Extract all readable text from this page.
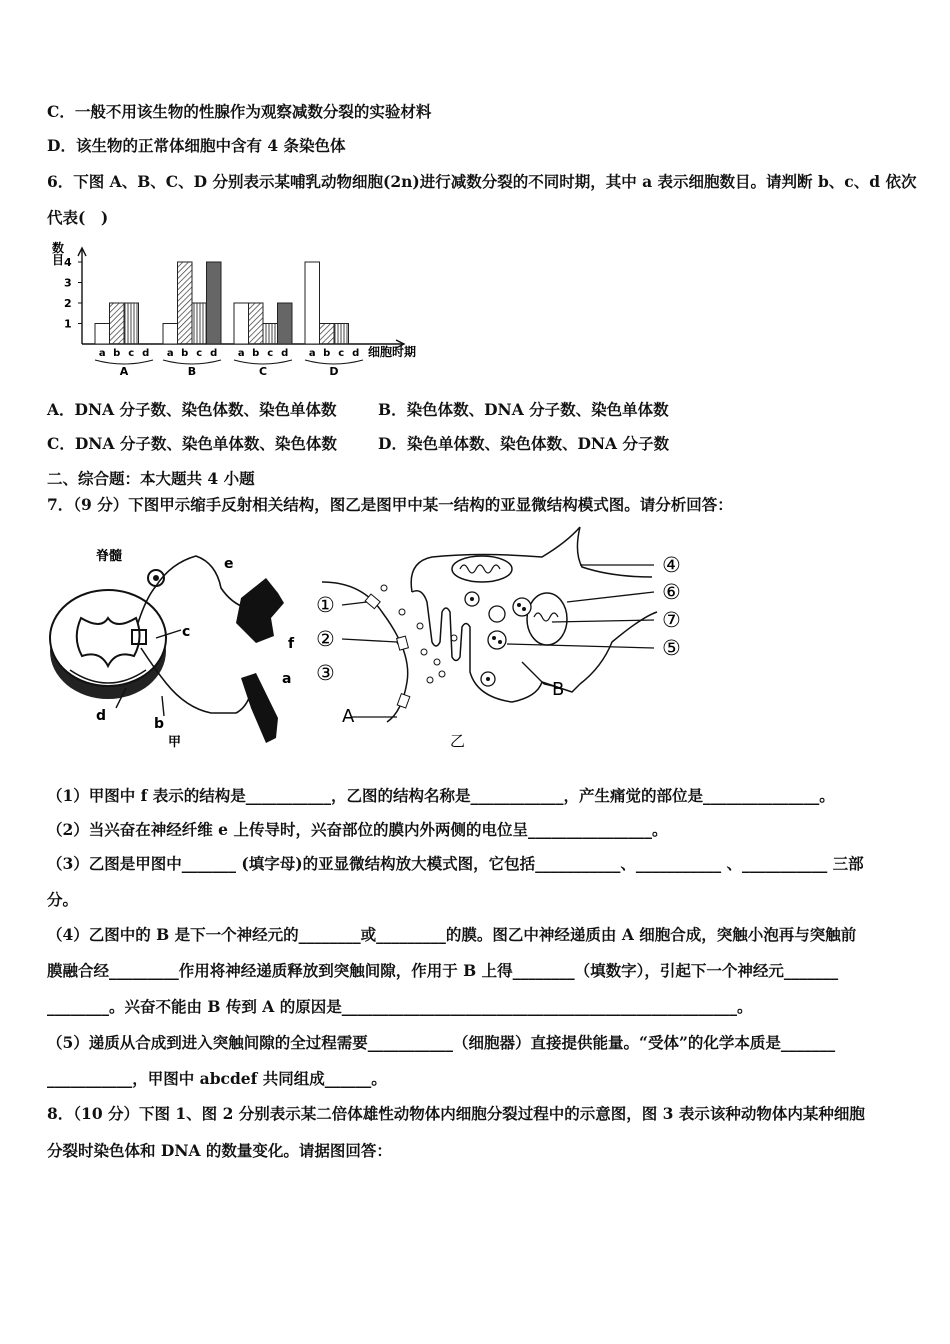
C．一般不用该生物的性腺作为观察减数分裂的实验材料
D．该生物的正常体细胞中含有 4 条染色体
6．下图 A、B、C、D 分别表示某哺乳动物细胞(2n)进行减数分裂的不同时期，其中 a 表示细胞数目。请判断 b、c、d 依次
代表(　)
数
目
1
2
3
4
a b c d
A
a b c d
B
a b c d
C
a b c d
D
细胞时期
A．DNA 分子数、染色体数、染色单体数	B．染色体数、DNA 分子数、染色单体数
C．DNA 分子数、染色单体数、染色体数	D．染色单体数、染色体数、DNA 分子数
二、综合题：本大题共 4 小题
7．（9 分）下图甲示缩手反射相关结构，图乙是图甲中某一结构的亚显微结构模式图。请分析回答：
脊髓	e
c
f
a
d	b
甲
①
②
③
④
⑥
⑦
⑤
A
B
乙
（1）甲图中 f 表示的结构是___________，乙图的结构名称是____________，产生痛觉的部位是_______________。
（2）当兴奋在神经纤维 e 上传导时，兴奋部位的膜内外两侧的电位呈________________。
（3）乙图是甲图中_______ (填字母)的亚显微结构放大模式图，它包括___________、___________ 、___________ 三部
分。
（4）乙图中的 B 是下一个神经元的________或_________的膜。图乙中神经递质由 A 细胞合成，突触小泡再与突触前
膜融合经_________作用将神经递质释放到突触间隙，作用于 B 上得________（填数字），引起下一个神经元_______
________。兴奋不能由 B 传到 A 的原因是___________________________________________________。
（5）递质从合成到进入突触间隙的全过程需要___________（细胞器）直接提供能量。“受体”的化学本质是_______
___________，甲图中 abcdef 共同组成______。
8．（10 分）下图 1、图 2 分别表示某二倍体雄性动物体内细胞分裂过程中的示意图，图 3 表示该种动物体内某种细胞
分裂时染色体和 DNA 的数量变化。请据图回答：
